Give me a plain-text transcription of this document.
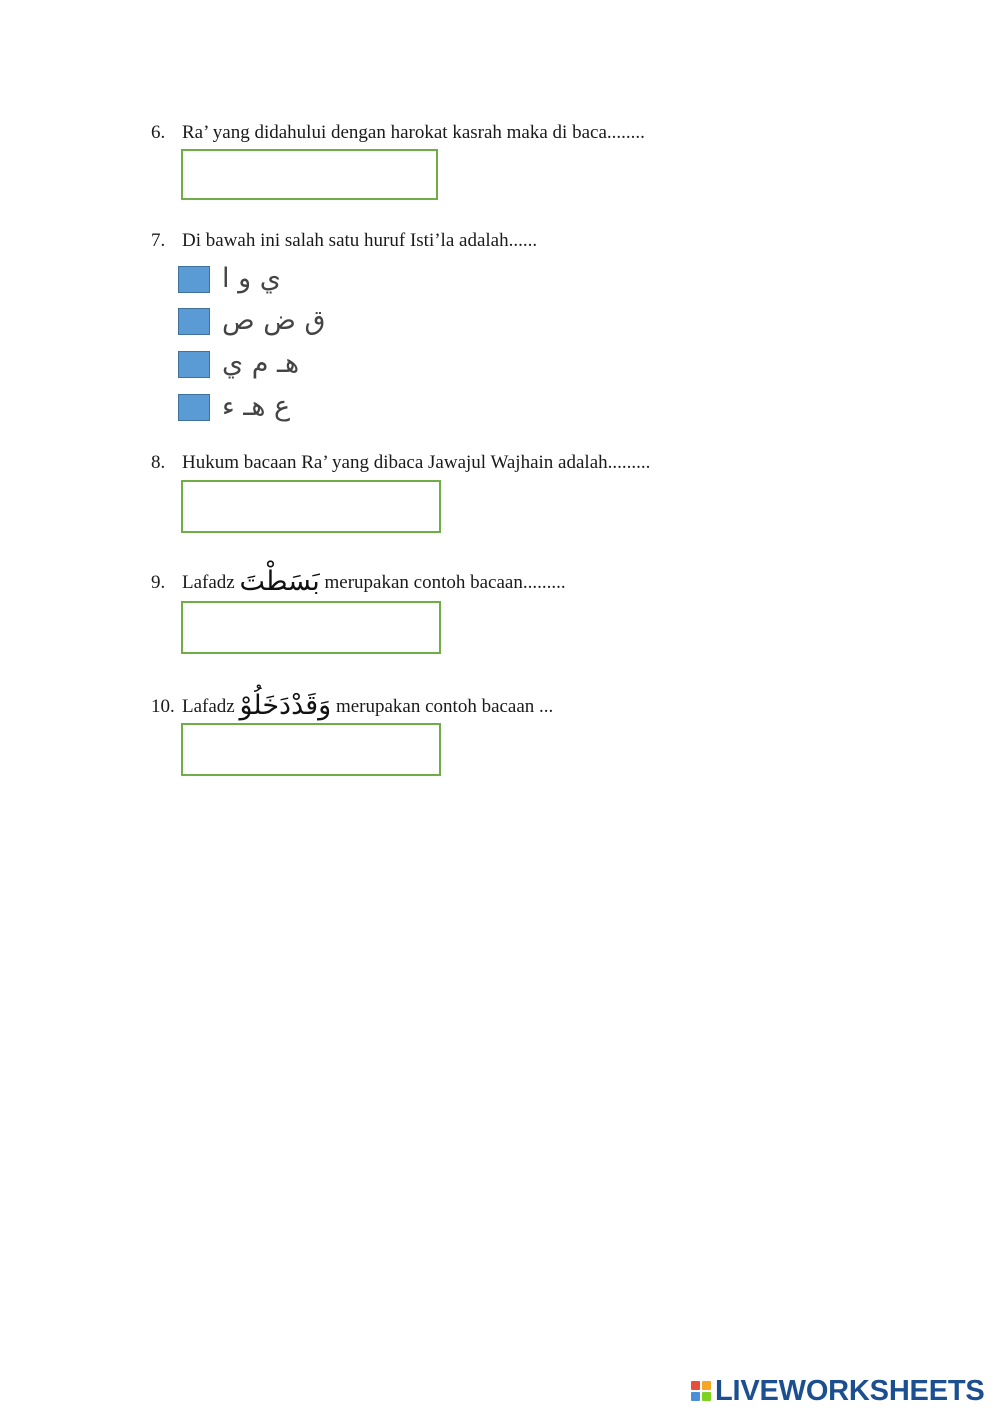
6. Ra’ yang didahului dengan harokat kasrah maka di baca........
7. Di bawah ini salah satu huruf Isti’la adalah......
ي و ا
ق ض ص
هـ م ي
ع هـ ء
8. Hukum bacaan Ra’ yang dibaca Jawajul Wajhain adalah.........
9. Lafadz بَسَطْتَ merupakan contoh bacaan.........
10. Lafadz وَقَدْدَخَلُوْ merupakan contoh bacaan ...
LIVEWORKSHEETS
